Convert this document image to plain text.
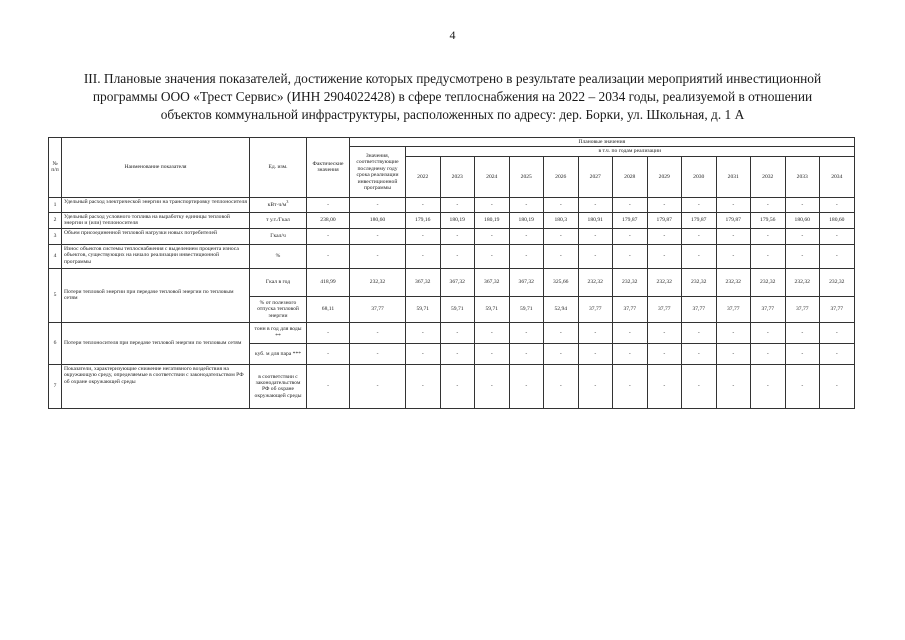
4
III. Плановые значения показателей, достижение которых предусмотрено в результате реализации мероприятий инвестиционной
программы ООО «Трест Сервис» (ИНН 2904022428) в сфере теплоснабжения на 2022 – 2034 годы, реализуемой в отношении
объектов коммунальной инфраструктуры, расположенных по адресу: дер. Борки, ул. Школьная, д. 1 А
№ п/п	Наименование показателя	Ед. изм.	Фактические значения	Плановые значения													
				Значения, соответствующие последнему году срока реализации инвестиционной программы	в т.ч. по годам реализации												
					2022	2023	2024	2025	2026	2027	2028	2029	2030	2031	2032	2033	2034
1	Удельный расход электрической энергии на транспортировку теплоносителя	$кВт\cdot ч/м^3$	-	-	-	-	-	-	-	-	-	-	-	-	-	-	-
2	Удельный расход условного топлива на выработку единицы тепловой энергии и (или) теплоносителя	т у.т./Гкал	238,00	180,60	179,16	180,19	180,19	180,19	180,3	180,91	179,87	179,87	179,87	179,87	179,56	180,60	180,60
3	Объем присоединенной тепловой нагрузки новых потребителей	Гкал/ч	-	-	-	-	-	-	-	-	-	-	-	-	-	-	-
4	Износ объектов системы теплоснабжения с выделением процента износа объектов, существующих на начало реализации инвестиционной программы	%	-	-	-	-	-	-	-	-	-	-	-	-	-	-	-
5	Потери тепловой энергии при передаче тепловой энергии по тепловым сетям	Гкал в год	418,99	232,32	367,32	367,32	367,32	367,32	325,66	232,32	232,32	232,32	232,32	232,32	232,32	232,32	232,32
		% от полезного отпуска тепловой энергии	68,11	37,77	59,71	59,71	59,71	59,71	52,94	37,77	37,77	37,77	37,77	37,77	37,77	37,77	37,77
6	Потери теплоносителя при передаче тепловой энергии по тепловым сетям	тонн в год для воды **	-	-	-	-	-	-	-	-	-	-	-	-	-	-	-
		куб. м для пара ***	-	-	-	-	-	-	-	-	-	-	-	-	-	-	-
7	Показатели, характеризующие снижение негативного воздействия на окружающую среду, определяемые в соответствии с законодательством РФ об охране окружающей среды	в соответствии с законодательством РФ об охране окружающей среды	-	-	-	-	-	-	-	-	-	-	-	-	-	-	-
